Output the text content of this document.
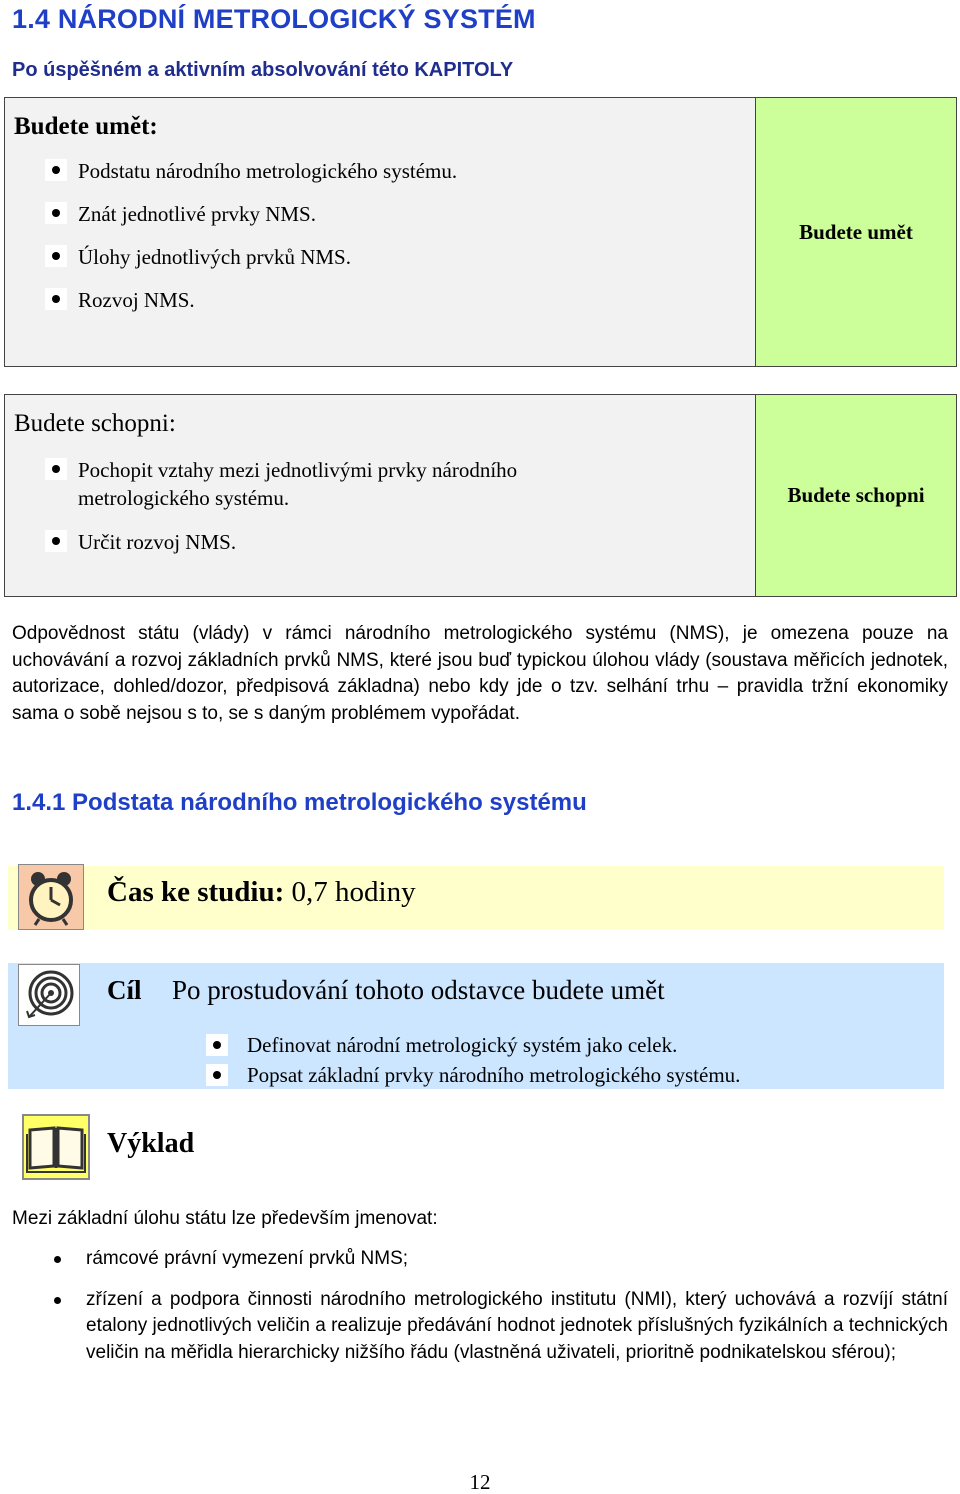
1.4 NÁRODNÍ METROLOGICKÝ SYSTÉM
Po úspěšném a aktivním absolvování této KAPITOLY
Budete umět:
Podstatu národního metrologického systému.
Znát jednotlivé prvky NMS.
Úlohy jednotlivých prvků NMS.
Rozvoj NMS.
Budete umět
Budete schopni:
Pochopit vztahy mezi jednotlivými prvky národního metrologického systému.
Určit rozvoj NMS.
Budete schopni
Odpovědnost státu (vlády) v rámci národního metrologického systému (NMS), je omezena pouze na uchovávání a rozvoj základních prvků NMS, které jsou buď typickou úlohou vlády (soustava měřicích jednotek, autorizace, dohled/dozor, předpisová základna) nebo kdy jde o tzv. selhání trhu – pravidla tržní ekonomiky sama o sobě nejsou s to, se s daným problémem vypořádat.
1.4.1 Podstata národního metrologického systému
Čas ke studiu: 0,7 hodiny
Cíl Po prostudování tohoto odstavce budete umět
Definovat národní metrologický systém jako celek.
Popsat základní prvky národního metrologického systému.
Výklad
Mezi základní úlohu státu lze především jmenovat:
rámcové právní vymezení prvků NMS;
zřízení a podpora činnosti národního metrologického institutu (NMI), který uchovává a rozvíjí státní etalony jednotlivých veličin a realizuje předávání hodnot jednotek příslušných fyzikálních a technických veličin na měřidla hierarchicky nižšího řádu (vlastněná uživateli, prioritně podnikatelskou sférou);
12
